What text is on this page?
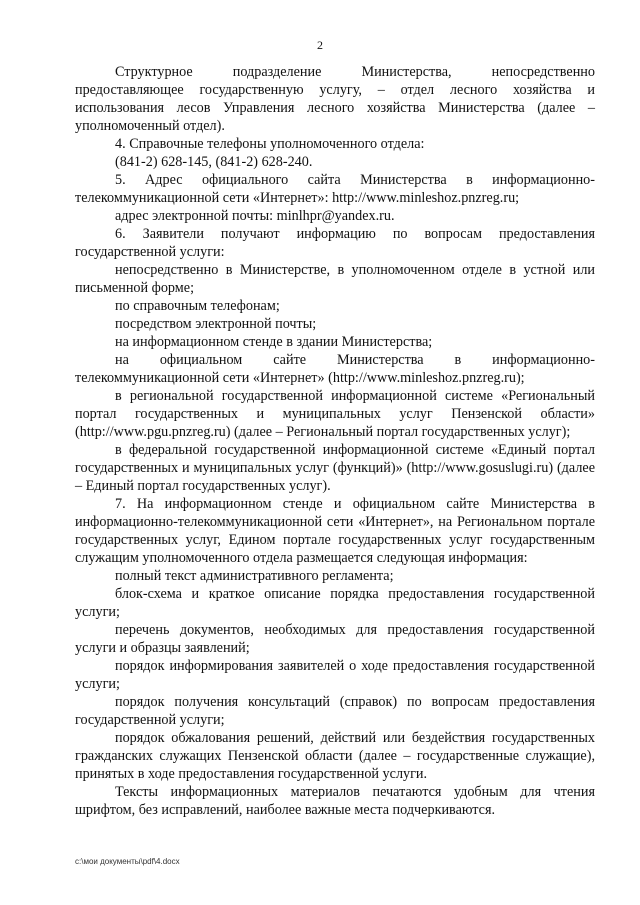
2

Структурное подразделение Министерства, непосредственно предоставляющее государственную услугу, – отдел лесного хозяйства и использования лесов Управления лесного хозяйства Министерства (далее – уполномоченный отдел).

4. Справочные телефоны уполномоченного отдела:

(841-2) 628-145, (841-2) 628-240.

5. Адрес официального сайта Министерства в информационно-телекоммуникационной сети «Интернет»: http://www.minleshoz.pnzreg.ru;

адрес электронной почты: minlhpr@yandex.ru.

6. Заявители получают информацию по вопросам предоставления государственной услуги:

непосредственно в Министерстве, в уполномоченном отделе в устной или письменной форме;

по справочным телефонам;

посредством электронной почты;

на информационном стенде в здании Министерства;

на официальном сайте Министерства в информационно-телекоммуникационной сети «Интернет» (http://www.minleshoz.pnzreg.ru);

в региональной государственной информационной системе «Региональный портал государственных и муниципальных услуг Пензенской области» (http://www.pgu.pnzreg.ru) (далее – Региональный портал государственных услуг);

в федеральной государственной информационной системе «Единый портал государственных и муниципальных услуг (функций)» (http://www.gosuslugi.ru) (далее – Единый портал государственных услуг).

7. На информационном стенде и официальном сайте Министерства в информационно-телекоммуникационной сети «Интернет», на Региональном портале государственных услуг, Едином портале государственных услуг государственным служащим уполномоченного отдела размещается следующая информация:

полный текст административного регламента;

блок-схема и краткое описание порядка предоставления государственной услуги;

перечень документов, необходимых для предоставления государственной услуги и образцы заявлений;

порядок информирования заявителей о ходе предоставления государственной услуги;

порядок получения консультаций (справок) по вопросам предоставления государственной услуги;

порядок обжалования решений, действий или бездействия государственных гражданских служащих Пензенской области (далее – государственные служащие), принятых в ходе предоставления государственной услуги.

Тексты информационных материалов печатаются удобным для чтения шрифтом, без исправлений, наиболее важные места подчеркиваются.

c:\мои документы\pdf\4.docx
